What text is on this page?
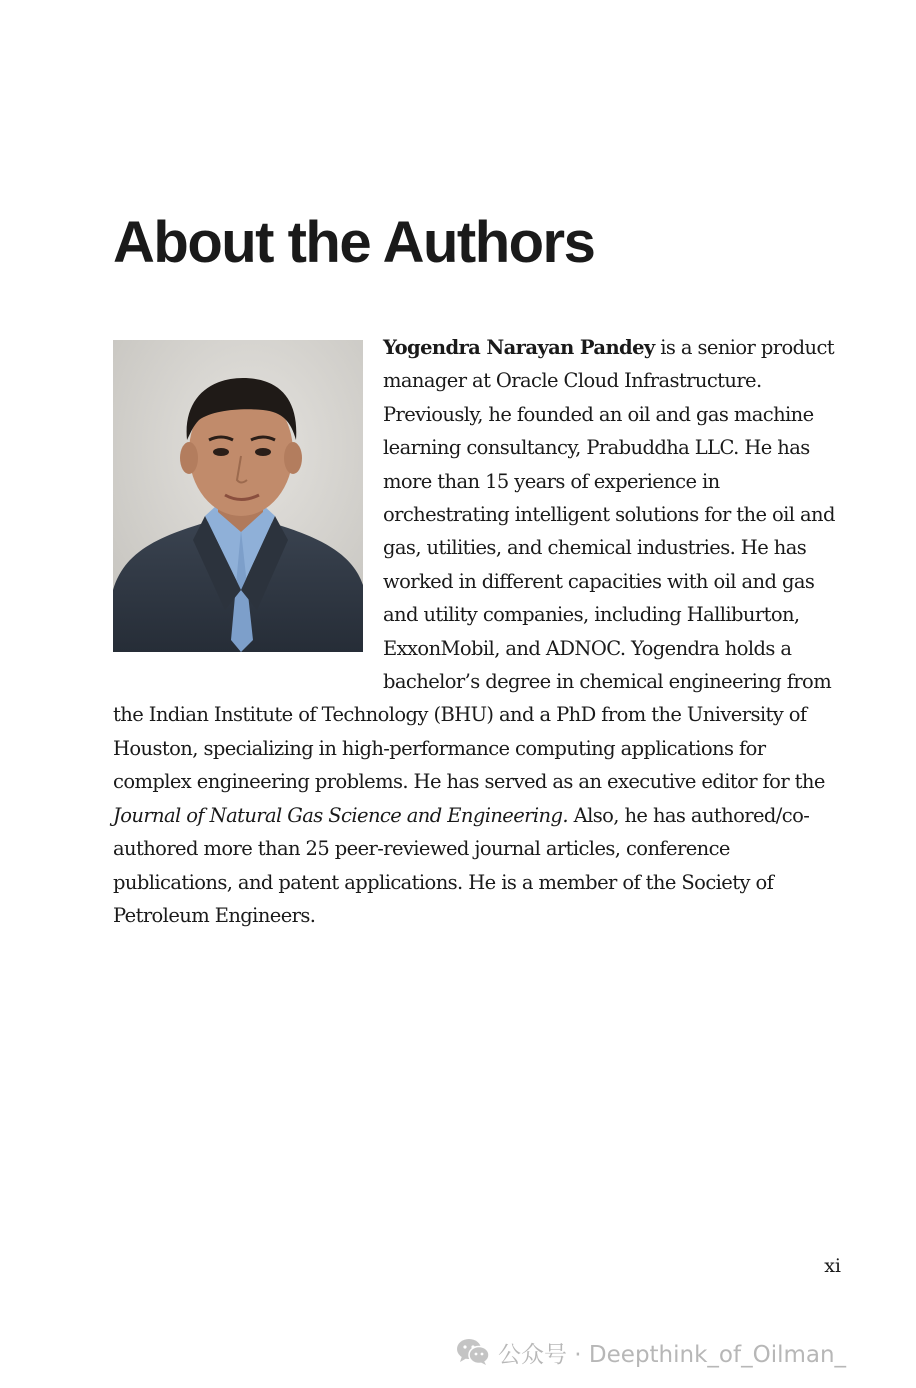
About the Authors

Yogendra Narayan Pandey is a senior product manager at Oracle Cloud Infrastructure. Previously, he founded an oil and gas machine learning consultancy, Prabuddha LLC. He has more than 15 years of experience in orchestrating intelligent solutions for the oil and gas, utilities, and chemical industries. He has worked in different capacities with oil and gas and utility companies, including Halliburton, ExxonMobil, and ADNOC. Yogendra holds a bachelor’s degree in chemical engineering from the Indian Institute of Technology (BHU) and a PhD from the University of Houston, specializing in high-performance computing applications for complex engineering problems. He has served as an executive editor for the Journal of Natural Gas Science and Engineering. Also, he has authored/co-authored more than 25 peer-reviewed journal articles, conference publications, and patent applications. He is a member of the Society of Petroleum Engineers.

xi
公众号 · Deepthink_of_Oilman_
